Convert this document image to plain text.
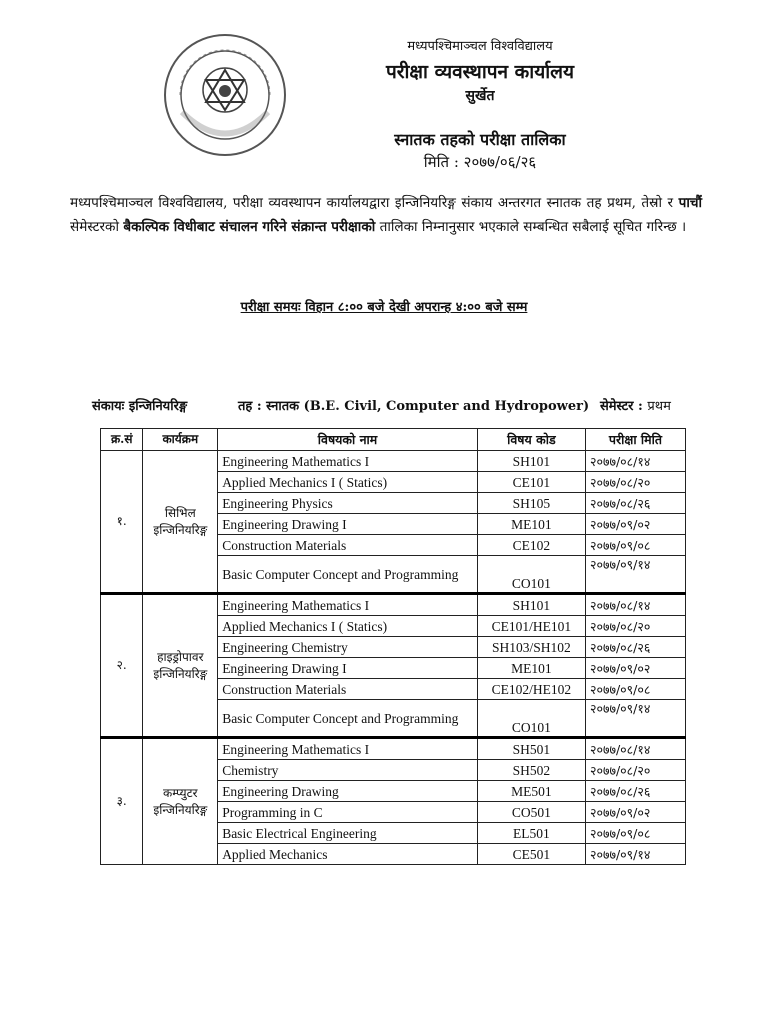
मध्यपश्चिमाञ्चल विश्वविद्यालय
परीक्षा व्यवस्थापन कार्यालय
सुर्खेत
स्नातक तहको परीक्षा तालिका
मिति : २०७७/०६/२६
मध्यपश्चिमाञ्चल विश्वविद्यालय, परीक्षा व्यवस्थापन कार्यालयद्वारा इन्जिनियरिङ्ग संकाय अन्तरगत स्नातक तह प्रथम, तेस्रो र पाचौं सेमेस्टरको बैकल्पिक विधीबाट संचालन गरिने संक्रान्त परीक्षाको तालिका निम्नानुसार भएकाले सम्बन्धित सबैलाई सूचित गरिन्छ ।
परीक्षा समयः विहान ८:०० बजे देखी अपरान्ह ४:०० बजे सम्म
संकायः इन्जिनियरिङ्ग	तह : स्नातक (B.E. Civil, Computer and Hydropower) सेमेस्टर : प्रथम
क्र.सं	कार्यक्रम	विषयको नाम	विषय कोड	परीक्षा मिति
१.	सिभिल इन्जिनियरिङ्ग	Engineering Mathematics I	SH101	२०७७/०८/१४
		Applied Mechanics I ( Statics)	CE101	२०७७/०८/२०
		Engineering Physics	SH105	२०७७/०८/२६
		Engineering Drawing I	ME101	२०७७/०९/०२
		Construction Materials	CE102	२०७७/०९/०८
		Basic Computer Concept and Programming	CO101	२०७७/०९/१४
२.	हाइड्रोपावर इन्जिनियरिङ्ग	Engineering Mathematics I	SH101	२०७७/०८/१४
		Applied Mechanics I ( Statics)	CE101/HE101	२०७७/०८/२०
		Engineering Chemistry	SH103/SH102	२०७७/०८/२६
		Engineering Drawing I	ME101	२०७७/०९/०२
		Construction Materials	CE102/HE102	२०७७/०९/०८
		Basic Computer Concept and Programming	CO101	२०७७/०९/१४
३.	कम्प्युटर इन्जिनियरिङ्ग	Engineering Mathematics I	SH501	२०७७/०८/१४
		Chemistry	SH502	२०७७/०८/२०
		Engineering Drawing	ME501	२०७७/०८/२६
		Programming in C	CO501	२०७७/०९/०२
		Basic Electrical Engineering	EL501	२०७७/०९/०८
		Applied Mechanics	CE501	२०७७/०९/१४
